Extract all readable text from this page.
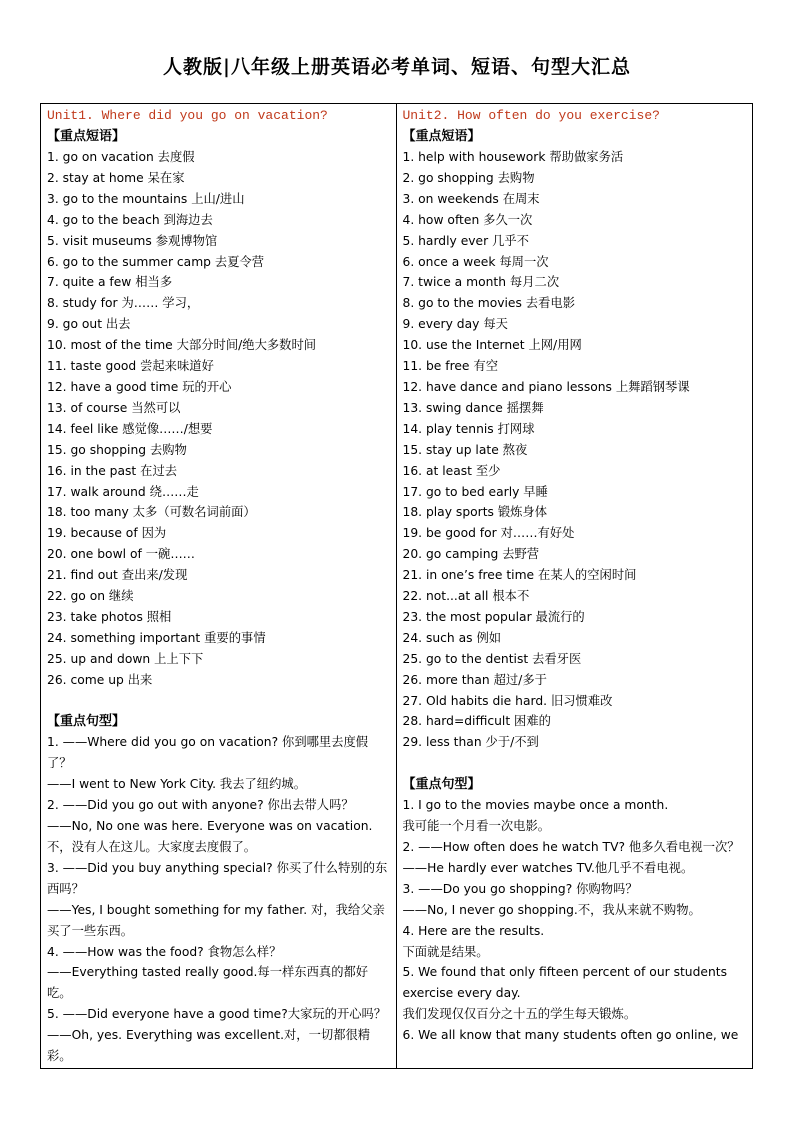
人教版|八年级上册英语必考单词、短语、句型大汇总
Unit1. Where did you go on vacation?
【重点短语】
1. go on vacation 去度假
2. stay at home 呆在家
3. go to the mountains 上山/进山
4. go to the beach 到海边去
5. visit museums 参观博物馆
6. go to the summer camp 去夏令营
7. quite a few 相当多
8. study for 为…… 学习，
9. go out 出去
10. most of the time 大部分时间/绝大多数时间
11. taste good 尝起来味道好
12. have a good time 玩的开心
13. of course 当然可以
14. feel like 感觉像……/想要
15. go shopping 去购物
16. in the past 在过去
17. walk around 绕……走
18. too many 太多（可数名词前面）
19. because of 因为
20. one bowl of 一碗……
21. find out 查出来/发现
22. go on 继续
23. take photos 照相
24. something important 重要的事情
25. up and down 上上下下
26. come up 出来
【重点句型】
1. ——Where did you go on vacation? 你到哪里去度假了？
——I went to New York City. 我去了纽约城。
2. ——Did you go out with anyone? 你出去带人吗？
——No, No one was here. Everyone was on vacation. 不，没有人在这儿。大家度去度假了。
3. ——Did you buy anything special? 你买了什么特别的东西吗？
——Yes, I bought something for my father. 对，我给父亲买了一些东西。
4. ——How was the food? 食物怎么样？
——Everything tasted really good.每一样东西真的都好吃。
5. ——Did everyone have a good time?大家玩的开心吗？
——Oh, yes. Everything was excellent.对，一切都很精彩。
Unit2. How often do you exercise?
【重点短语】
1. help with housework 帮助做家务活
2. go shopping 去购物
3. on weekends 在周末
4. how often 多久一次
5. hardly ever 几乎不
6. once a week 每周一次
7. twice a month 每月二次
8. go to the movies 去看电影
9. every day 每天
10. use the Internet 上网/用网
11. be free 有空
12. have dance and piano lessons 上舞蹈钢琴课
13. swing dance 摇摆舞
14. play tennis 打网球
15. stay up late 熬夜
16. at least 至少
17. go to bed early 早睡
18. play sports 锻炼身体
19. be good for 对……有好处
20. go camping 去野营
21. in one’s free time 在某人的空闲时间
22. not...at all 根本不
23. the most popular 最流行的
24. such as 例如
25. go to the dentist 去看牙医
26. more than 超过/多于
27. Old habits die hard. 旧习惯难改
28. hard=difficult 困难的
29. less than 少于/不到
【重点句型】
1. I go to the movies maybe once a month.
我可能一个月看一次电影。
2. ——How often does he watch TV? 他多久看电视一次？
——He hardly ever watches TV.他几乎不看电视。
3. ——Do you go shopping? 你购物吗？
——No, I never go shopping.不，我从来就不购物。
4. Here are the results.
下面就是结果。
5. We found that only fifteen percent of our students exercise every day.
我们发现仅仅百分之十五的学生每天锻炼。
6. We all know that many students often go online, we
